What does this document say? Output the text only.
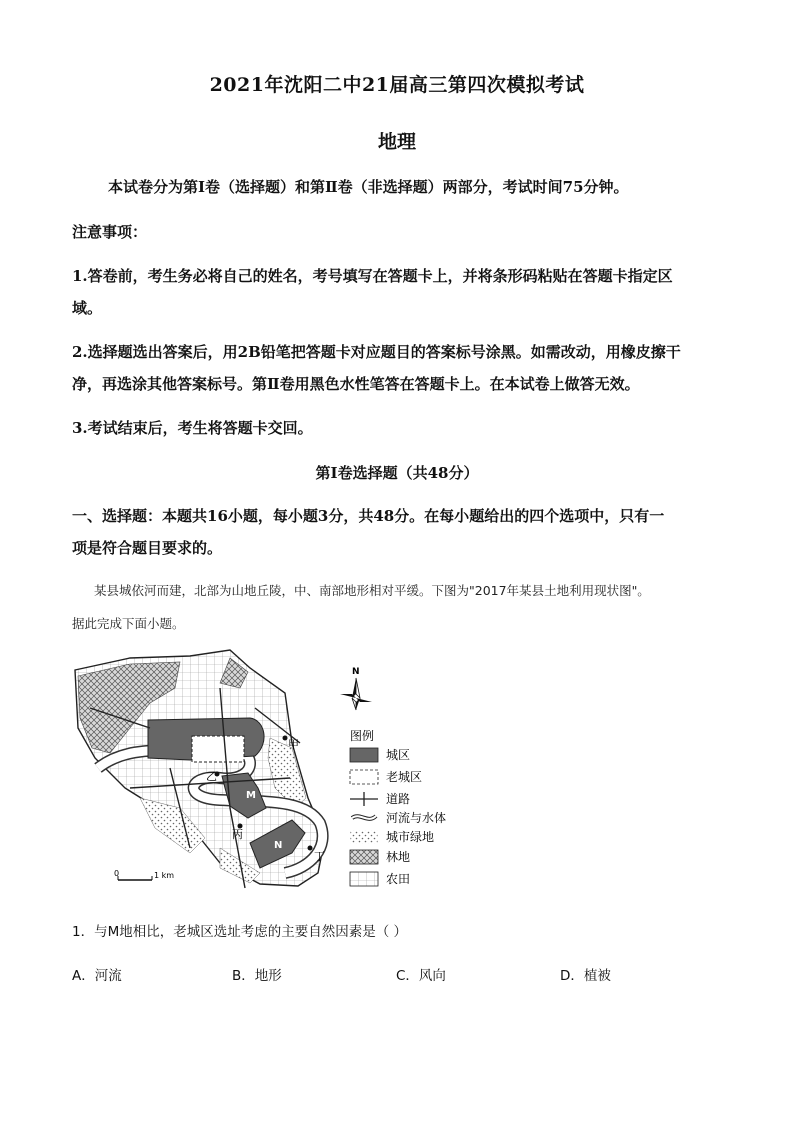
2021年沈阳二中21届高三第四次模拟考试
地理
本试卷分为第Ⅰ卷（选择题）和第Ⅱ卷（非选择题）两部分，考试时间75分钟。
注意事项：
1.答卷前，考生务必将自己的姓名，考号填写在答题卡上，并将条形码粘贴在答题卡指定区
域。
2.选择题选出答案后，用2B铅笔把答题卡对应题目的答案标号涂黑。如需改动，用橡皮擦干
净，再选涂其他答案标号。第Ⅱ卷用黑色水性笔答在答题卡上。在本试卷上做答无效。
3.考试结束后，考生将答题卡交回。
第Ⅰ卷选择题（共48分）
一、选择题：本题共16小题，每小题3分，共48分。在每小题给出的四个选项中，只有一
项是符合题目要求的。
某县城依河而建，北部为山地丘陵，中、南部地形相对平缓。下图为"2017年某县土地利用现状图"。
据此完成下面小题。
M
N
甲
乙
丙
丁
0	1 km
N
图例
城区
老城区
道路
河流与水体
城市绿地
林地
农田
1．与M地相比，老城区选址考虑的主要自然因素是（ ）
A．河流	B．地形	C．风向	D．植被
